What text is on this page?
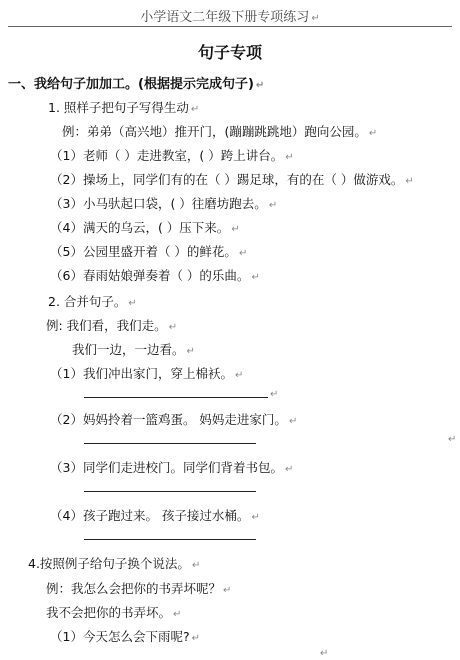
小学语文二年级下册专项练习 ↵
句子专项
一、我给句子加加工。(根据提示完成句子) ↵
1. 照样子把句子写得生动 ↵
例：弟弟（高兴地）推开门，(蹦蹦跳跳地）跑向公园。 ↵
（1）老师（ ）走进教室，( ）跨上讲台。 ↵
（2）操场上，同学们有的在（ ）踢足球，有的在（ ）做游戏。 ↵
（3）小马驮起口袋，( ）往磨坊跑去。 ↵
（4）满天的乌云，( ）压下来。 ↵
（5）公园里盛开着（ ）的鲜花。 ↵
（6）春雨姑娘弹奏着（ ）的乐曲。 ↵
2. 合并句子。 ↵
例: 我们看，我们走。 ↵
我们一边，一边看。 ↵
（1）我们冲出家门，穿上棉袄。 ↵
↵
（2）妈妈拎着一篮鸡蛋。 妈妈走进家门。 ↵
↵
（3）同学们走进校门。同学们背着书包。 ↵
（4）孩子跑过来。 孩子接过水桶。 ↵
4.按照例子给句子换个说法。 ↵
例：我怎么会把你的书弄坏呢？ ↵
我不会把你的书弄坏。 ↵
（1）今天怎么会下雨呢? ↵
↵
